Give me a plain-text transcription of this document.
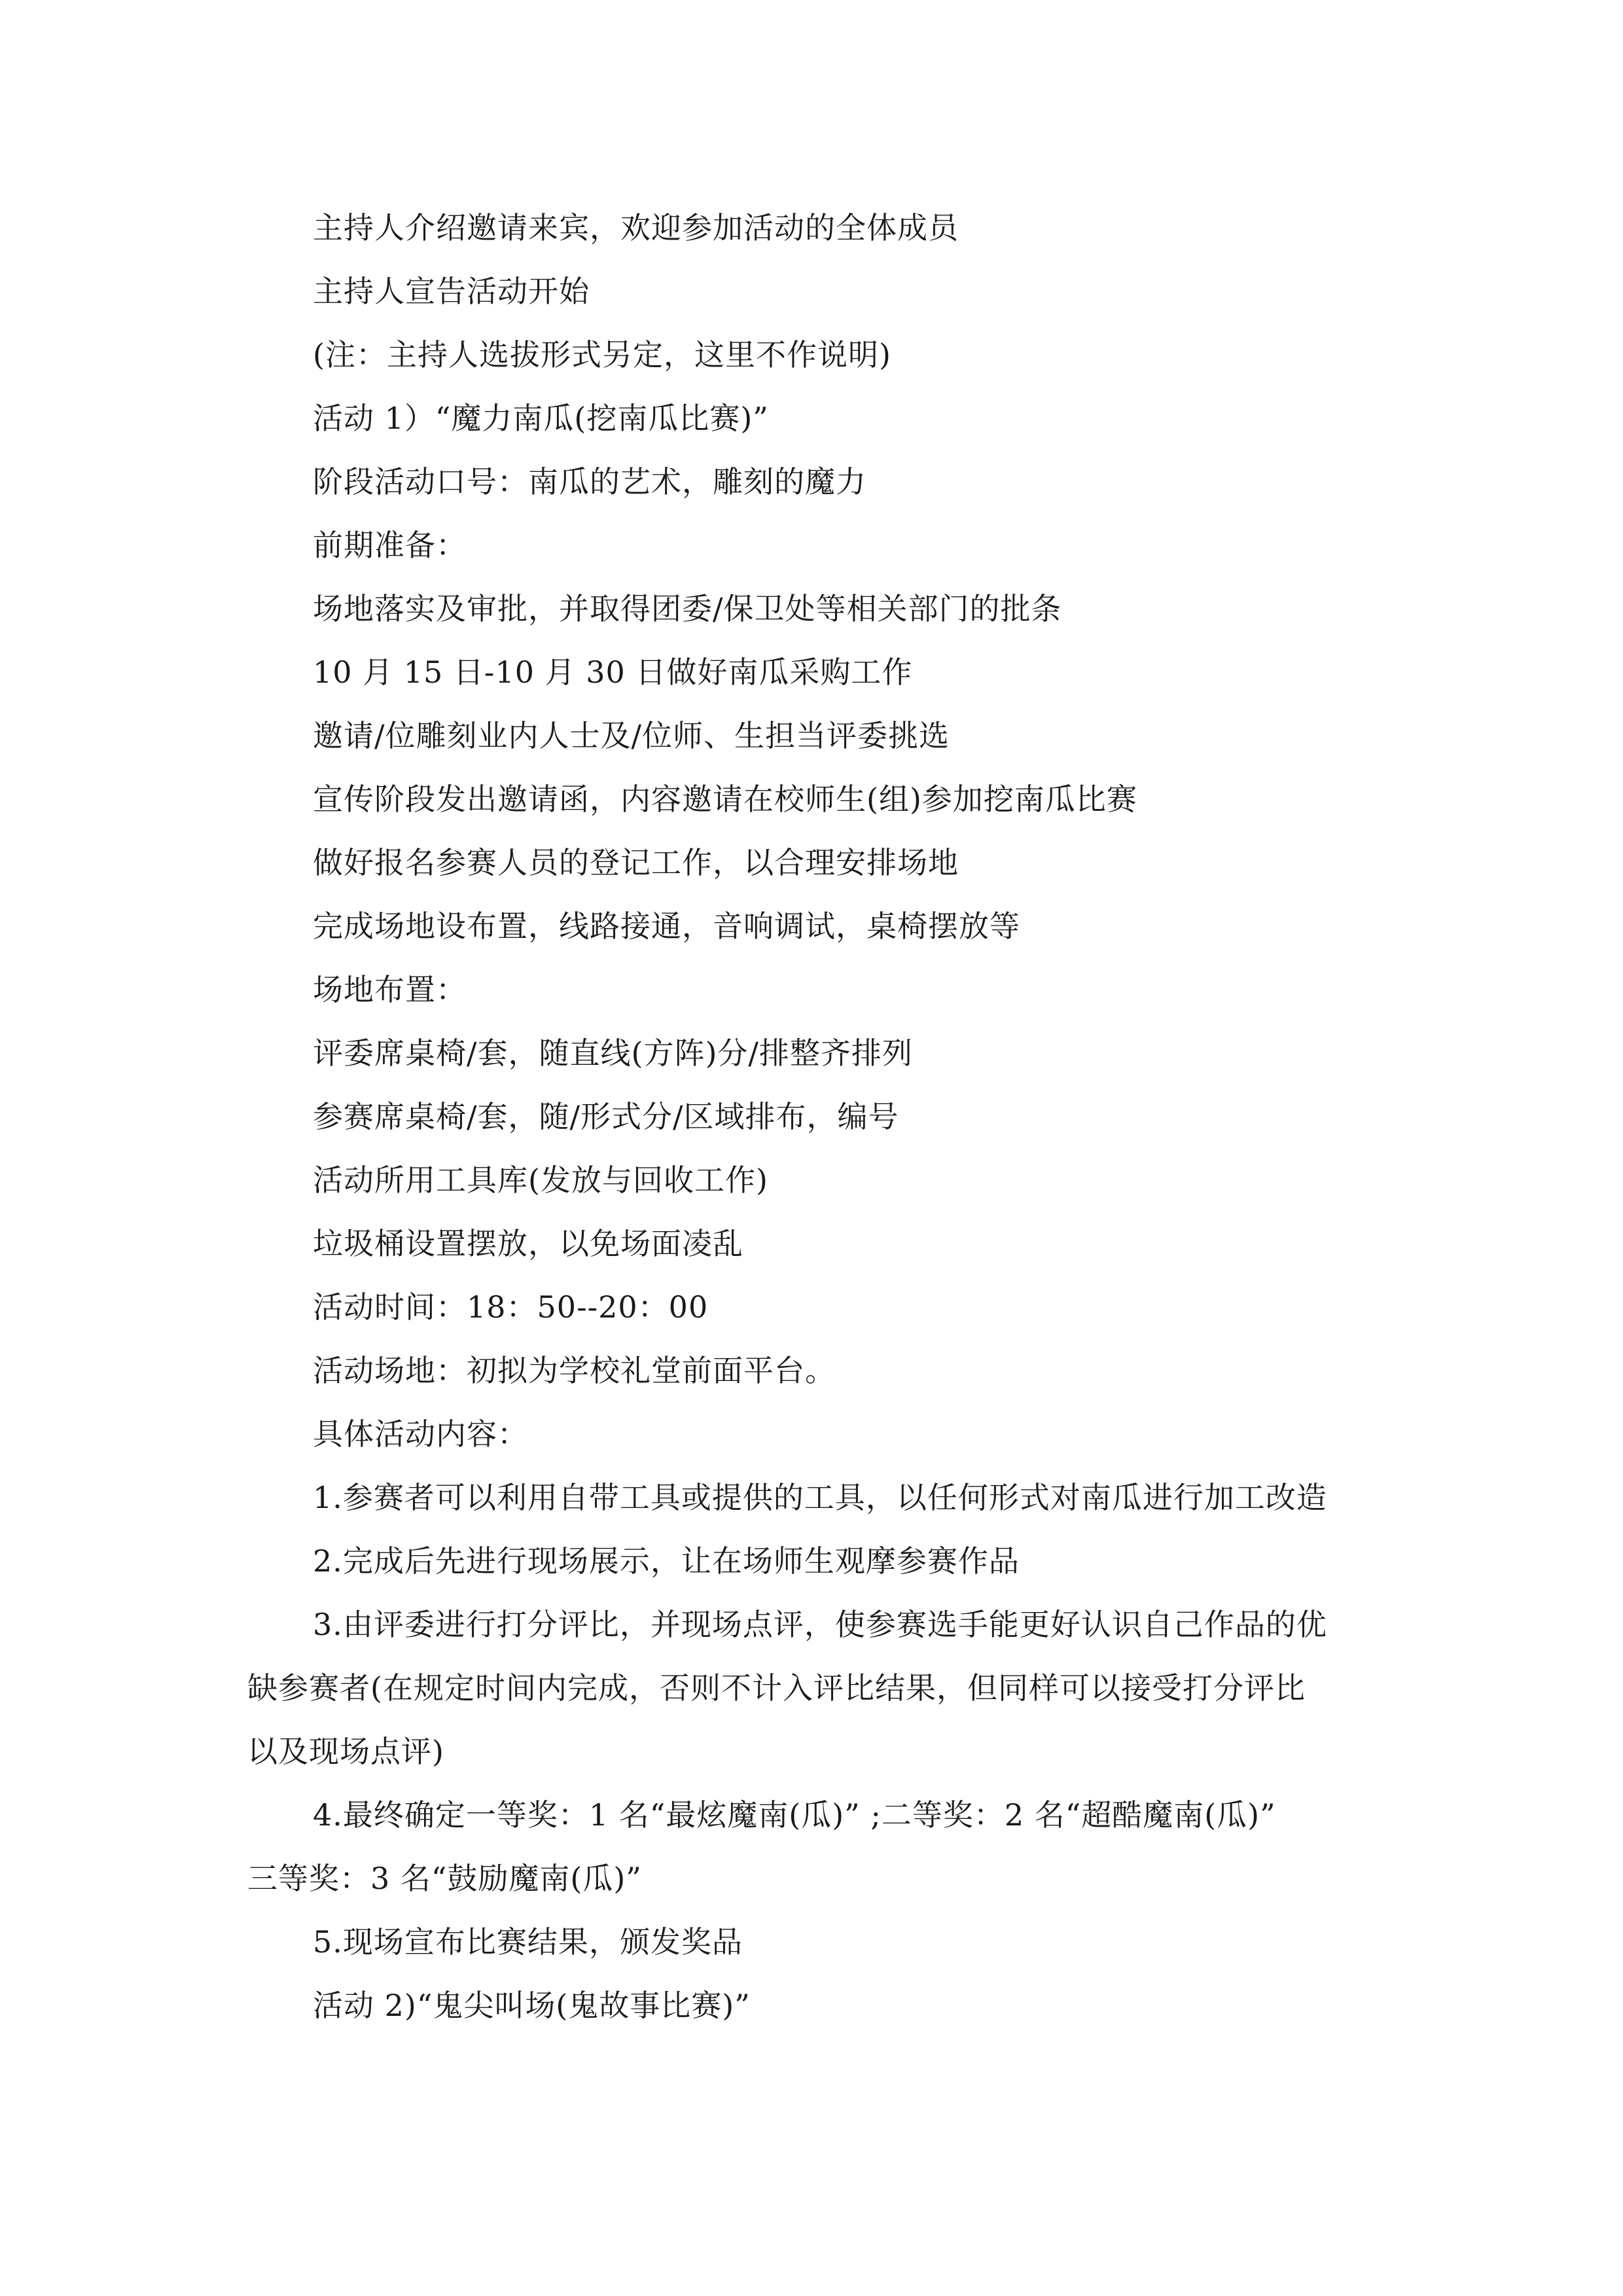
主持人介绍邀请来宾，欢迎参加活动的全体成员
主持人宣告活动开始
(注：主持人选拔形式另定，这里不作说明)
活动 1）“魔力南瓜(挖南瓜比赛)”
阶段活动口号：南瓜的艺术，雕刻的魔力
前期准备：
场地落实及审批，并取得团委/保卫处等相关部门的批条
10 月 15 日-10 月 30 日做好南瓜采购工作
邀请/位雕刻业内人士及/位师、生担当评委挑选
宣传阶段发出邀请函，内容邀请在校师生(组)参加挖南瓜比赛
做好报名参赛人员的登记工作，以合理安排场地
完成场地设布置，线路接通，音响调试，桌椅摆放等
场地布置：
评委席桌椅/套，随直线(方阵)分/排整齐排列
参赛席桌椅/套，随/形式分/区域排布，编号
活动所用工具库(发放与回收工作)
垃圾桶设置摆放，以免场面凌乱
活动时间：18：50--20：00
活动场地：初拟为学校礼堂前面平台。
具体活动内容：
1.参赛者可以利用自带工具或提供的工具，以任何形式对南瓜进行加工改造
2.完成后先进行现场展示，让在场师生观摩参赛作品
3.由评委进行打分评比，并现场点评，使参赛选手能更好认识自己作品的优
缺参赛者(在规定时间内完成，否则不计入评比结果，但同样可以接受打分评比
以及现场点评)
4.最终确定一等奖：1 名“最炫魔南(瓜)” ;二等奖：2 名“超酷魔南(瓜)”
三等奖：3 名“鼓励魔南(瓜)”
5.现场宣布比赛结果，颁发奖品
活动 2)“鬼尖叫场(鬼故事比赛)”
